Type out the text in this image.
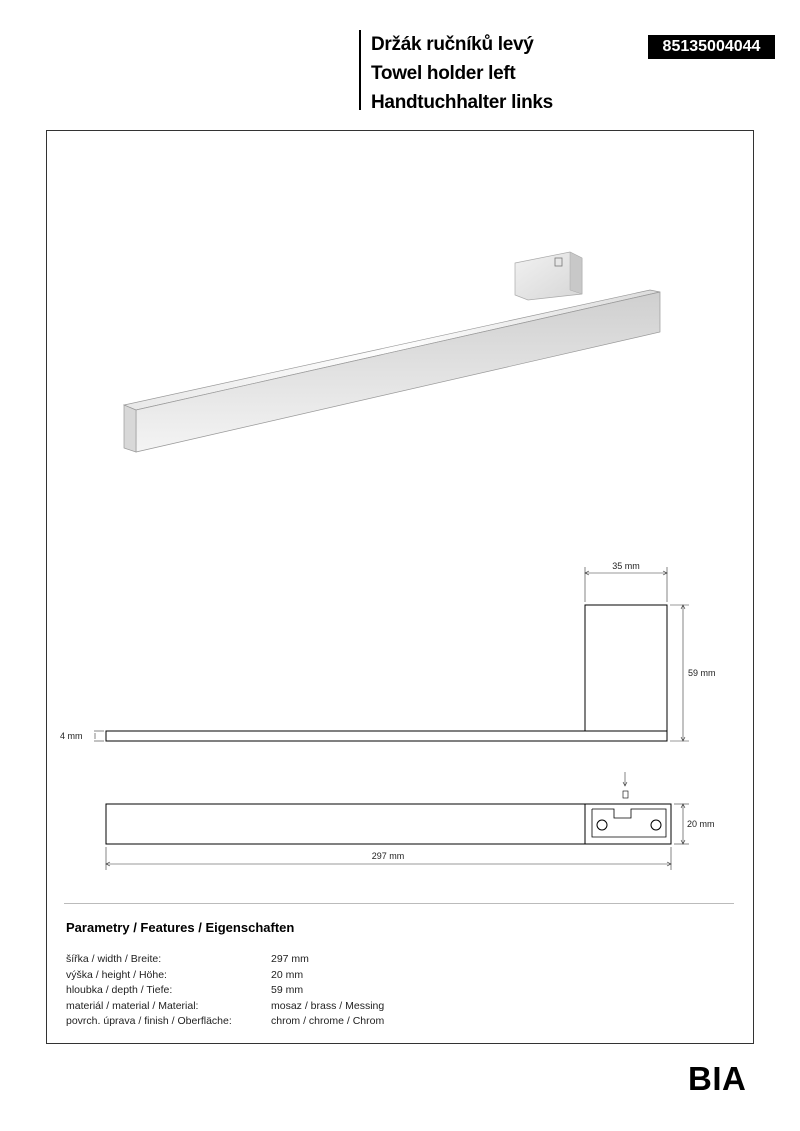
Držák ručníků levý
Towel holder left
Handtuchhalter links
85135004044
35 mm
59 mm
4 mm
20 mm
297 mm
Parametry / Features / Eigenschaften
šířka / width / Breite:	297 mm
výška / height / Höhe:	20 mm
hloubka / depth / Tiefe:	59 mm
materiál / material / Material:	mosaz / brass / Messing
povrch. úprava / finish / Oberfläche:	chrom / chrome / Chrom
BIA
